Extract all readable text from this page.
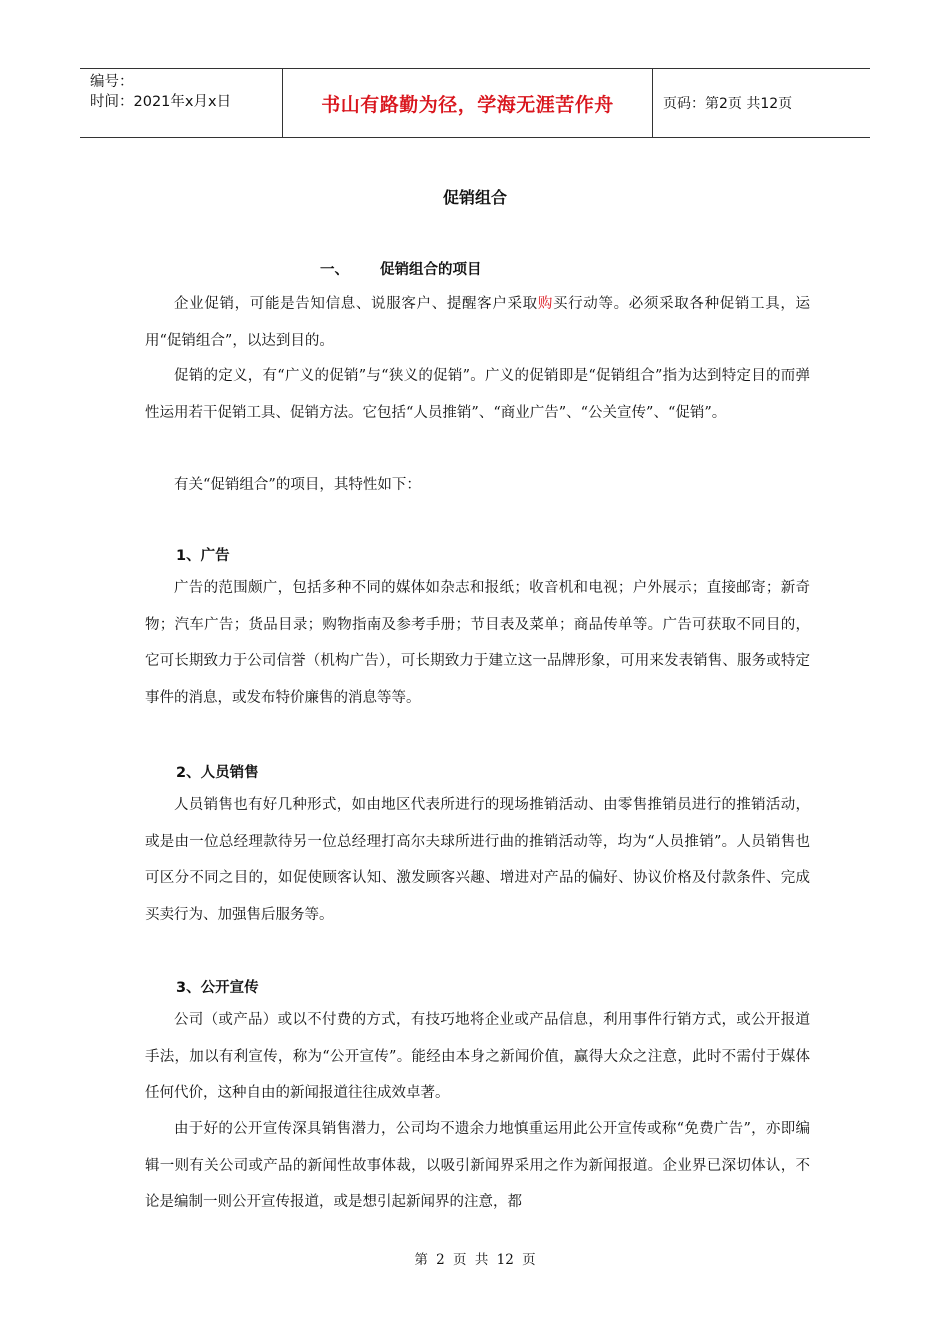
编号：
时间：2021年x月x日	书山有路勤为径，学海无涯苦作舟	页码：第2页 共12页
促销组合
一、 促销组合的项目

企业促销，可能是告知信息、说服客户、提醒客户采取购买行动等。必须采取各种促销工具，运用“促销组合”，以达到目的。

促销的定义，有“广义的促销”与“狭义的促销”。广义的促销即是“促销组合”指为达到特定目的而弹性运用若干促销工具、促销方法。它包括“人员推销”、“商业广告”、“公关宣传”、“促销”。

有关“促销组合”的项目，其特性如下：

1、广告

广告的范围颇广，包括多种不同的媒体如杂志和报纸；收音机和电视；户外展示；直接邮寄；新奇物；汽车广告；货品目录；购物指南及参考手册；节目表及菜单；商品传单等。广告可获取不同目的，它可长期致力于公司信誉（机构广告），可长期致力于建立这一品牌形象，可用来发表销售、服务或特定事件的消息，或发布特价廉售的消息等等。

2、人员销售

人员销售也有好几种形式，如由地区代表所进行的现场推销活动、由零售推销员进行的推销活动，或是由一位总经理款待另一位总经理打高尔夫球所进行曲的推销活动等，均为“人员推销”。人员销售也可区分不同之目的，如促使顾客认知、激发顾客兴趣、增进对产品的偏好、协议价格及付款条件、完成买卖行为、加强售后服务等。

3、公开宣传

公司（或产品）或以不付费的方式，有技巧地将企业或产品信息，利用事件行销方式，或公开报道手法，加以有利宣传，称为“公开宣传”。能经由本身之新闻价值，赢得大众之注意，此时不需付于媒体任何代价，这种自由的新闻报道往往成效卓著。

由于好的公开宣传深具销售潜力，公司均不遗余力地慎重运用此公开宣传或称“免费广告”，亦即编辑一则有关公司或产品的新闻性故事体裁，以吸引新闻界采用之作为新闻报道。企业界已深切体认，不论是编制一则公开宣传报道，或是想引起新闻界的注意，都

第 2 页 共 12 页
